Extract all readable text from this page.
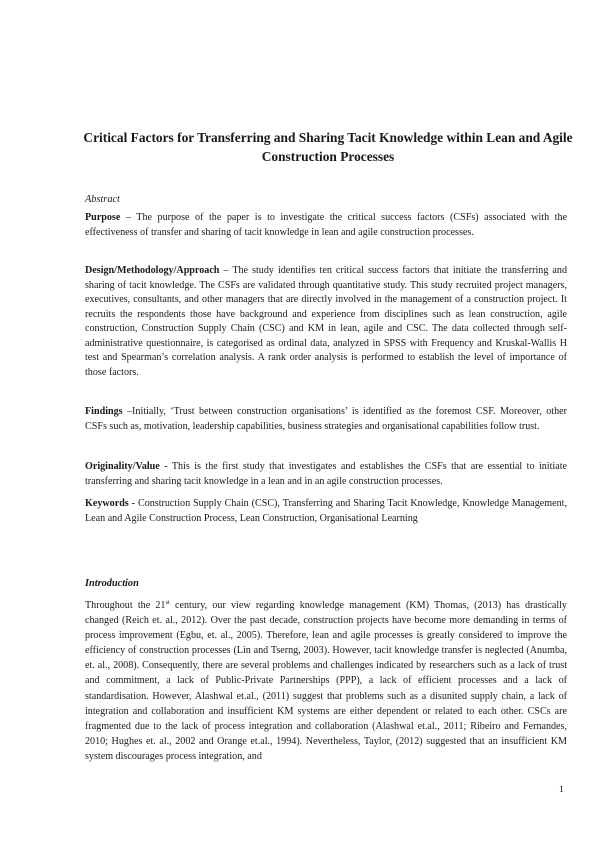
Critical Factors for Transferring and Sharing Tacit Knowledge within Lean and Agile Construction Processes

Abstract

Purpose – The purpose of the paper is to investigate the critical success factors (CSFs) associated with the effectiveness of transfer and sharing of tacit knowledge in lean and agile construction processes.

Design/Methodology/Approach – The study identifies ten critical success factors that initiate the transferring and sharing of tacit knowledge. The CSFs are validated through quantitative study. This study recruited project managers, executives, consultants, and other managers that are directly involved in the management of a construction project. It recruits the respondents those have background and experience from disciplines such as lean construction, agile construction, Construction Supply Chain (CSC) and KM in lean, agile and CSC. The data collected through self-administrative questionnaire, is categorised as ordinal data, analyzed in SPSS with Frequency and Kruskal-Wallis H test and Spearman’s correlation analysis. A rank order analysis is performed to establish the level of importance of those factors.

Findings –Initially, ‘Trust between construction organisations’ is identified as the foremost CSF. Moreover, other CSFs such as, motivation, leadership capabilities, business strategies and organisational capabilities follow trust.

Originality/Value - This is the first study that investigates and establishes the CSFs that are essential to initiate transferring and sharing tacit knowledge in a lean and in an agile construction processes.

Keywords - Construction Supply Chain (CSC), Transferring and Sharing Tacit Knowledge, Knowledge Management, Lean and Agile Construction Process, Lean Construction, Organisational Learning

Introduction

Throughout the 21st century, our view regarding knowledge management (KM) Thomas, (2013) has drastically changed (Reich et. al., 2012). Over the past decade, construction projects have become more demanding in terms of process improvement (Egbu, et. al., 2005). Therefore, lean and agile processes is greatly considered to improve the efficiency of construction processes (Lin and Tserng, 2003). However, tacit knowledge transfer is neglected (Anumba, et. al., 2008). Consequently, there are several problems and challenges indicated by researchers such as a lack of trust and commitment, a lack of Public-Private Partnerships (PPP), a lack of efficient processes and a lack of standardisation. However, Alashwal et.al., (2011) suggest that problems such as a disunited supply chain, a lack of integration and collaboration and insufficient KM systems are either dependent or related to each other. CSCs are fragmented due to the lack of process integration and collaboration (Alashwal et.al., 2011; Ribeiro and Fernandes, 2010; Hughes et. al., 2002 and Orange et.al., 1994). Nevertheless, Taylor, (2012) suggested that an insufficient KM system discourages process integration, and

1
